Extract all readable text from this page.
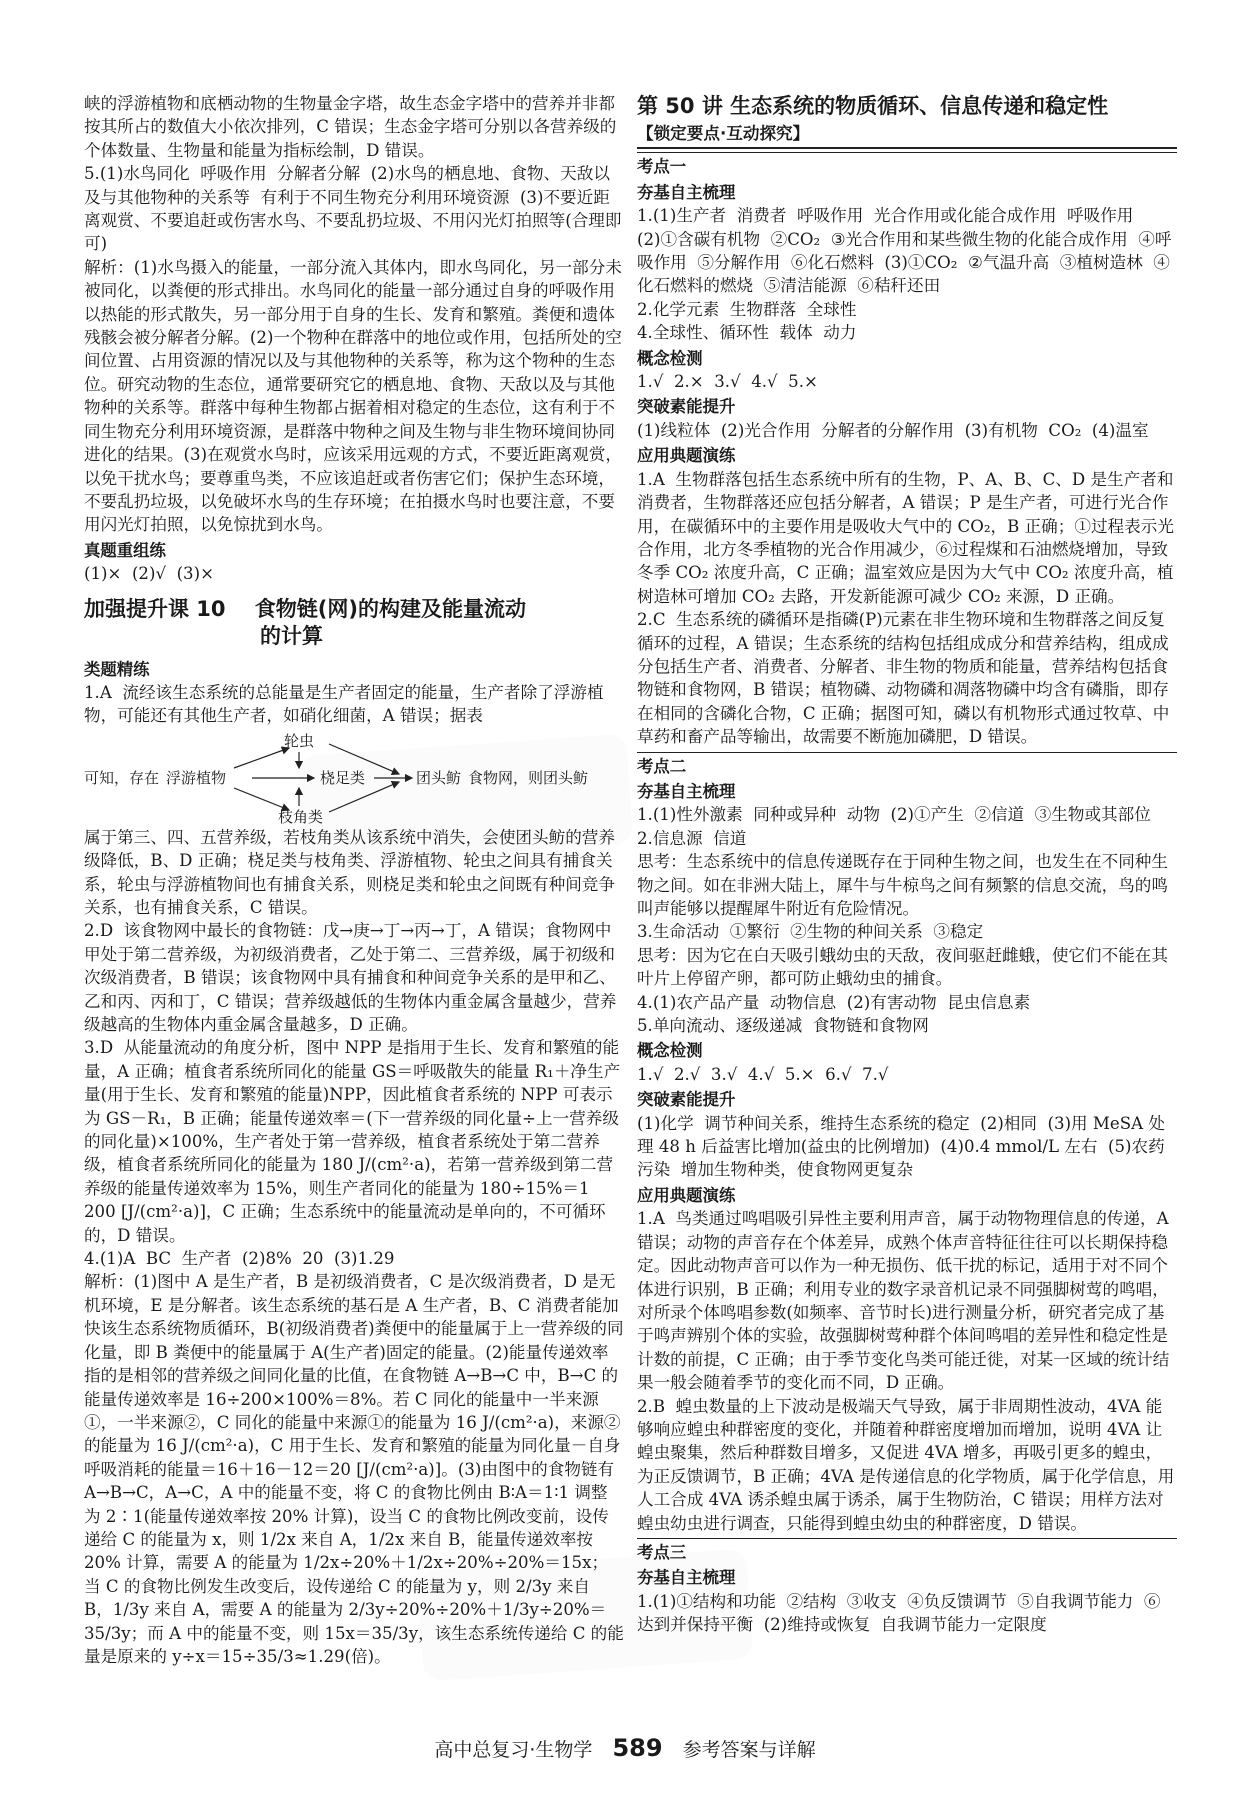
峡的浮游植物和底栖动物的生物量金字塔，故生态金字塔中的营养并非都按其所占的数值大小依次排列，C 错误；生态金字塔可分别以各营养级的个体数量、生物量和能量为指标绘制，D 错误。

5.(1)水鸟同化  呼吸作用  分解者分解  (2)水鸟的栖息地、食物、天敌以及与其他物种的关系等  有利于不同生物充分利用环境资源  (3)不要近距离观赏、不要追赶或伤害水鸟、不要乱扔垃圾、不用闪光灯拍照等(合理即可)

解析：(1)水鸟摄入的能量，一部分流入其体内，即水鸟同化，另一部分未被同化，以粪便的形式排出。水鸟同化的能量一部分通过自身的呼吸作用以热能的形式散失，另一部分用于自身的生长、发育和繁殖。粪便和遗体残骸会被分解者分解。(2)一个物种在群落中的地位或作用，包括所处的空间位置、占用资源的情况以及与其他物种的关系等，称为这个物种的生态位。研究动物的生态位，通常要研究它的栖息地、食物、天敌以及与其他物种的关系等。群落中每种生物都占据着相对稳定的生态位，这有利于不同生物充分利用环境资源，是群落中物种之间及生物与非生物环境间协同进化的结果。(3)在观赏水鸟时，应该采用远观的方式，不要近距离观赏，以免干扰水鸟；要尊重鸟类，不应该追赶或者伤害它们；保护生态环境，不要乱扔垃圾，以免破坏水鸟的生存环境；在拍摄水鸟时也要注意，不要用闪光灯拍照，以免惊扰到水鸟。

真题重组练

(1)×  (2)√  (3)×

加强提升课 10 食物链(网)的构建及能量流动
的计算

类题精练

1.A  流经该生态系统的总能量是生产者固定的能量，生产者除了浮游植物，可能还有其他生产者，如硝化细菌，A 错误；据表

可知，存在 浮游植物
轮虫
桡足类	团头鲂
枝角类
食物网，则团头鲂

属于第三、四、五营养级，若枝角类从该系统中消失，会使团头鲂的营养级降低，B、D 正确；桡足类与枝角类、浮游植物、轮虫之间具有捕食关系，轮虫与浮游植物间也有捕食关系，则桡足类和轮虫之间既有种间竞争关系，也有捕食关系，C 错误。

2.D  该食物网中最长的食物链：戊→庚→丁→丙→丁，A 错误；食物网中甲处于第二营养级，为初级消费者，乙处于第二、三营养级，属于初级和次级消费者，B 错误；该食物网中具有捕食和种间竞争关系的是甲和乙、乙和丙、丙和丁，C 错误；营养级越低的生物体内重金属含量越少，营养级越高的生物体内重金属含量越多，D 正确。

3.D  从能量流动的角度分析，图中 NPP 是指用于生长、发育和繁殖的能量，A 正确；植食者系统所同化的能量 GS＝呼吸散失的能量 R₁＋净生产量(用于生长、发育和繁殖的能量)NPP，因此植食者系统的 NPP 可表示为 GS－R₁，B 正确；能量传递效率＝(下一营养级的同化量÷上一营养级的同化量)×100%，生产者处于第一营养级，植食者系统处于第二营养级，植食者系统所同化的能量为 180 J/(cm²·a)，若第一营养级到第二营养级的能量传递效率为 15%，则生产者同化的能量为 180÷15%＝1 200 [J/(cm²·a)]，C 正确；生态系统中的能量流动是单向的，不可循环的，D 错误。

4.(1)A  BC  生产者  (2)8%  20  (3)1.29

解析：(1)图中 A 是生产者，B 是初级消费者，C 是次级消费者，D 是无机环境，E 是分解者。该生态系统的基石是 A 生产者，B、C 消费者能加快该生态系统物质循环，B(初级消费者)粪便中的能量属于上一营养级的同化量，即 B 粪便中的能量属于 A(生产者)固定的能量。(2)能量传递效率指的是相邻的营养级之间同化量的比值，在食物链 A→B→C 中，B→C 的能量传递效率是 16÷200×100%＝8%。若 C 同化的能量中一半来源①，一半来源②，C 同化的能量中来源①的能量为 16 J/(cm²·a)，来源②的能量为 16 J/(cm²·a)，C 用于生长、发育和繁殖的能量为同化量－自身呼吸消耗的能量＝16＋16－12＝20 [J/(cm²·a)]。(3)由图中的食物链有 A→B→C，A→C，A 中的能量不变，将 C 的食物比例由 B∶A＝1∶1 调整为 2∶1(能量传递效率按 20% 计算)，设当 C 的食物比例改变前，设传递给 C 的能量为 x，则 1/2x 来自 A，1/2x 来自 B，能量传递效率按 20% 计算，需要 A 的能量为 1/2x÷20%＋1/2x÷20%÷20%＝15x；当 C 的食物比例发生改变后，设传递给 C 的能量为 y，则 2/3y 来自 B，1/3y 来自 A，需要 A 的能量为 2/3y÷20%÷20%＋1/3y÷20%＝35/3y；而 A 中的能量不变，则 15x＝35/3y，该生态系统传递给 C 的能量是原来的 y÷x＝15÷35/3≈1.29(倍)。

第 50 讲 生态系统的物质循环、信息传递和稳定性
【锁定要点·互动探究】
考点一

夯基自主梳理

1.(1)生产者  消费者  呼吸作用  光合作用或化能合成作用  呼吸作用  (2)①含碳有机物  ②CO₂  ③光合作用和某些微生物的化能合成作用  ④呼吸作用  ⑤分解作用  ⑥化石燃料  (3)①CO₂  ②气温升高  ③植树造林  ④化石燃料的燃烧  ⑤清洁能源  ⑥秸秆还田

2.化学元素  生物群落  全球性

4.全球性、循环性  载体  动力

概念检测

1.√  2.×  3.√  4.√  5.×

突破素能提升

(1)线粒体  (2)光合作用  分解者的分解作用  (3)有机物  CO₂  (4)温室

应用典题演练

1.A  生物群落包括生态系统中所有的生物，P、A、B、C、D 是生产者和消费者，生物群落还应包括分解者，A 错误；P 是生产者，可进行光合作用，在碳循环中的主要作用是吸收大气中的 CO₂，B 正确；①过程表示光合作用，北方冬季植物的光合作用减少，⑥过程煤和石油燃烧增加，导致冬季 CO₂ 浓度升高，C 正确；温室效应是因为大气中 CO₂ 浓度升高，植树造林可增加 CO₂ 去路，开发新能源可减少 CO₂ 来源，D 正确。

2.C  生态系统的磷循环是指磷(P)元素在非生物环境和生物群落之间反复循环的过程，A 错误；生态系统的结构包括组成成分和营养结构，组成成分包括生产者、消费者、分解者、非生物的物质和能量，营养结构包括食物链和食物网，B 错误；植物磷、动物磷和凋落物磷中均含有磷脂，即存在相同的含磷化合物，C 正确；据图可知，磷以有机物形式通过牧草、中草药和畜产品等输出，故需要不断施加磷肥，D 错误。

考点二

夯基自主梳理

1.(1)性外激素  同种或异种  动物  (2)①产生  ②信道  ③生物或其部位

2.信息源  信道

思考：生态系统中的信息传递既存在于同种生物之间，也发生在不同种生物之间。如在非洲大陆上，犀牛与牛椋鸟之间有频繁的信息交流，鸟的鸣叫声能够以提醒犀牛附近有危险情况。

3.生命活动  ①繁衍  ②生物的种间关系  ③稳定

思考：因为它在白天吸引蛾幼虫的天敌，夜间驱赶雌蛾，使它们不能在其叶片上停留产卵，都可防止蛾幼虫的捕食。

4.(1)农产品产量  动物信息  (2)有害动物  昆虫信息素

5.单向流动、逐级递减  食物链和食物网

概念检测

1.√  2.√  3.√  4.√  5.×  6.√  7.√

突破素能提升

(1)化学  调节种间关系，维持生态系统的稳定  (2)相同  (3)用 MeSA 处理 48 h 后益害比增加(益虫的比例增加)  (4)0.4 mmol/L 左右  (5)农药污染  增加生物种类，使食物网更复杂

应用典题演练

1.A  鸟类通过鸣唱吸引异性主要利用声音，属于动物物理信息的传递，A 错误；动物的声音存在个体差异，成熟个体声音特征往往可以长期保持稳定。因此动物声音可以作为一种无损伤、低干扰的标记，适用于对不同个体进行识别，B 正确；利用专业的数字录音机记录不同强脚树莺的鸣唱，对所录个体鸣唱参数(如频率、音节时长)进行测量分析，研究者完成了基于鸣声辨别个体的实验，故强脚树莺种群个体间鸣唱的差异性和稳定性是计数的前提，C 正确；由于季节变化鸟类可能迁徙，对某一区域的统计结果一般会随着季节的变化而不同，D 正确。

2.B  蝗虫数量的上下波动是极端天气导致，属于非周期性波动，4VA 能够响应蝗虫种群密度的变化，并随着种群密度增加而增加，说明 4VA 让蝗虫聚集，然后种群数目增多，又促进 4VA 增多，再吸引更多的蝗虫，为正反馈调节，B 正确；4VA 是传递信息的化学物质，属于化学信息，用人工合成 4VA 诱杀蝗虫属于诱杀，属于生物防治，C 错误；用样方法对蝗虫幼虫进行调查，只能得到蝗虫幼虫的种群密度，D 错误。

考点三

夯基自主梳理

1.(1)①结构和功能  ②结构  ③收支  ④负反馈调节  ⑤自我调节能力  ⑥达到并保持平衡  (2)维持或恢复  自我调节能力一定限度

高中总复习·生物学 589 参考答案与详解
